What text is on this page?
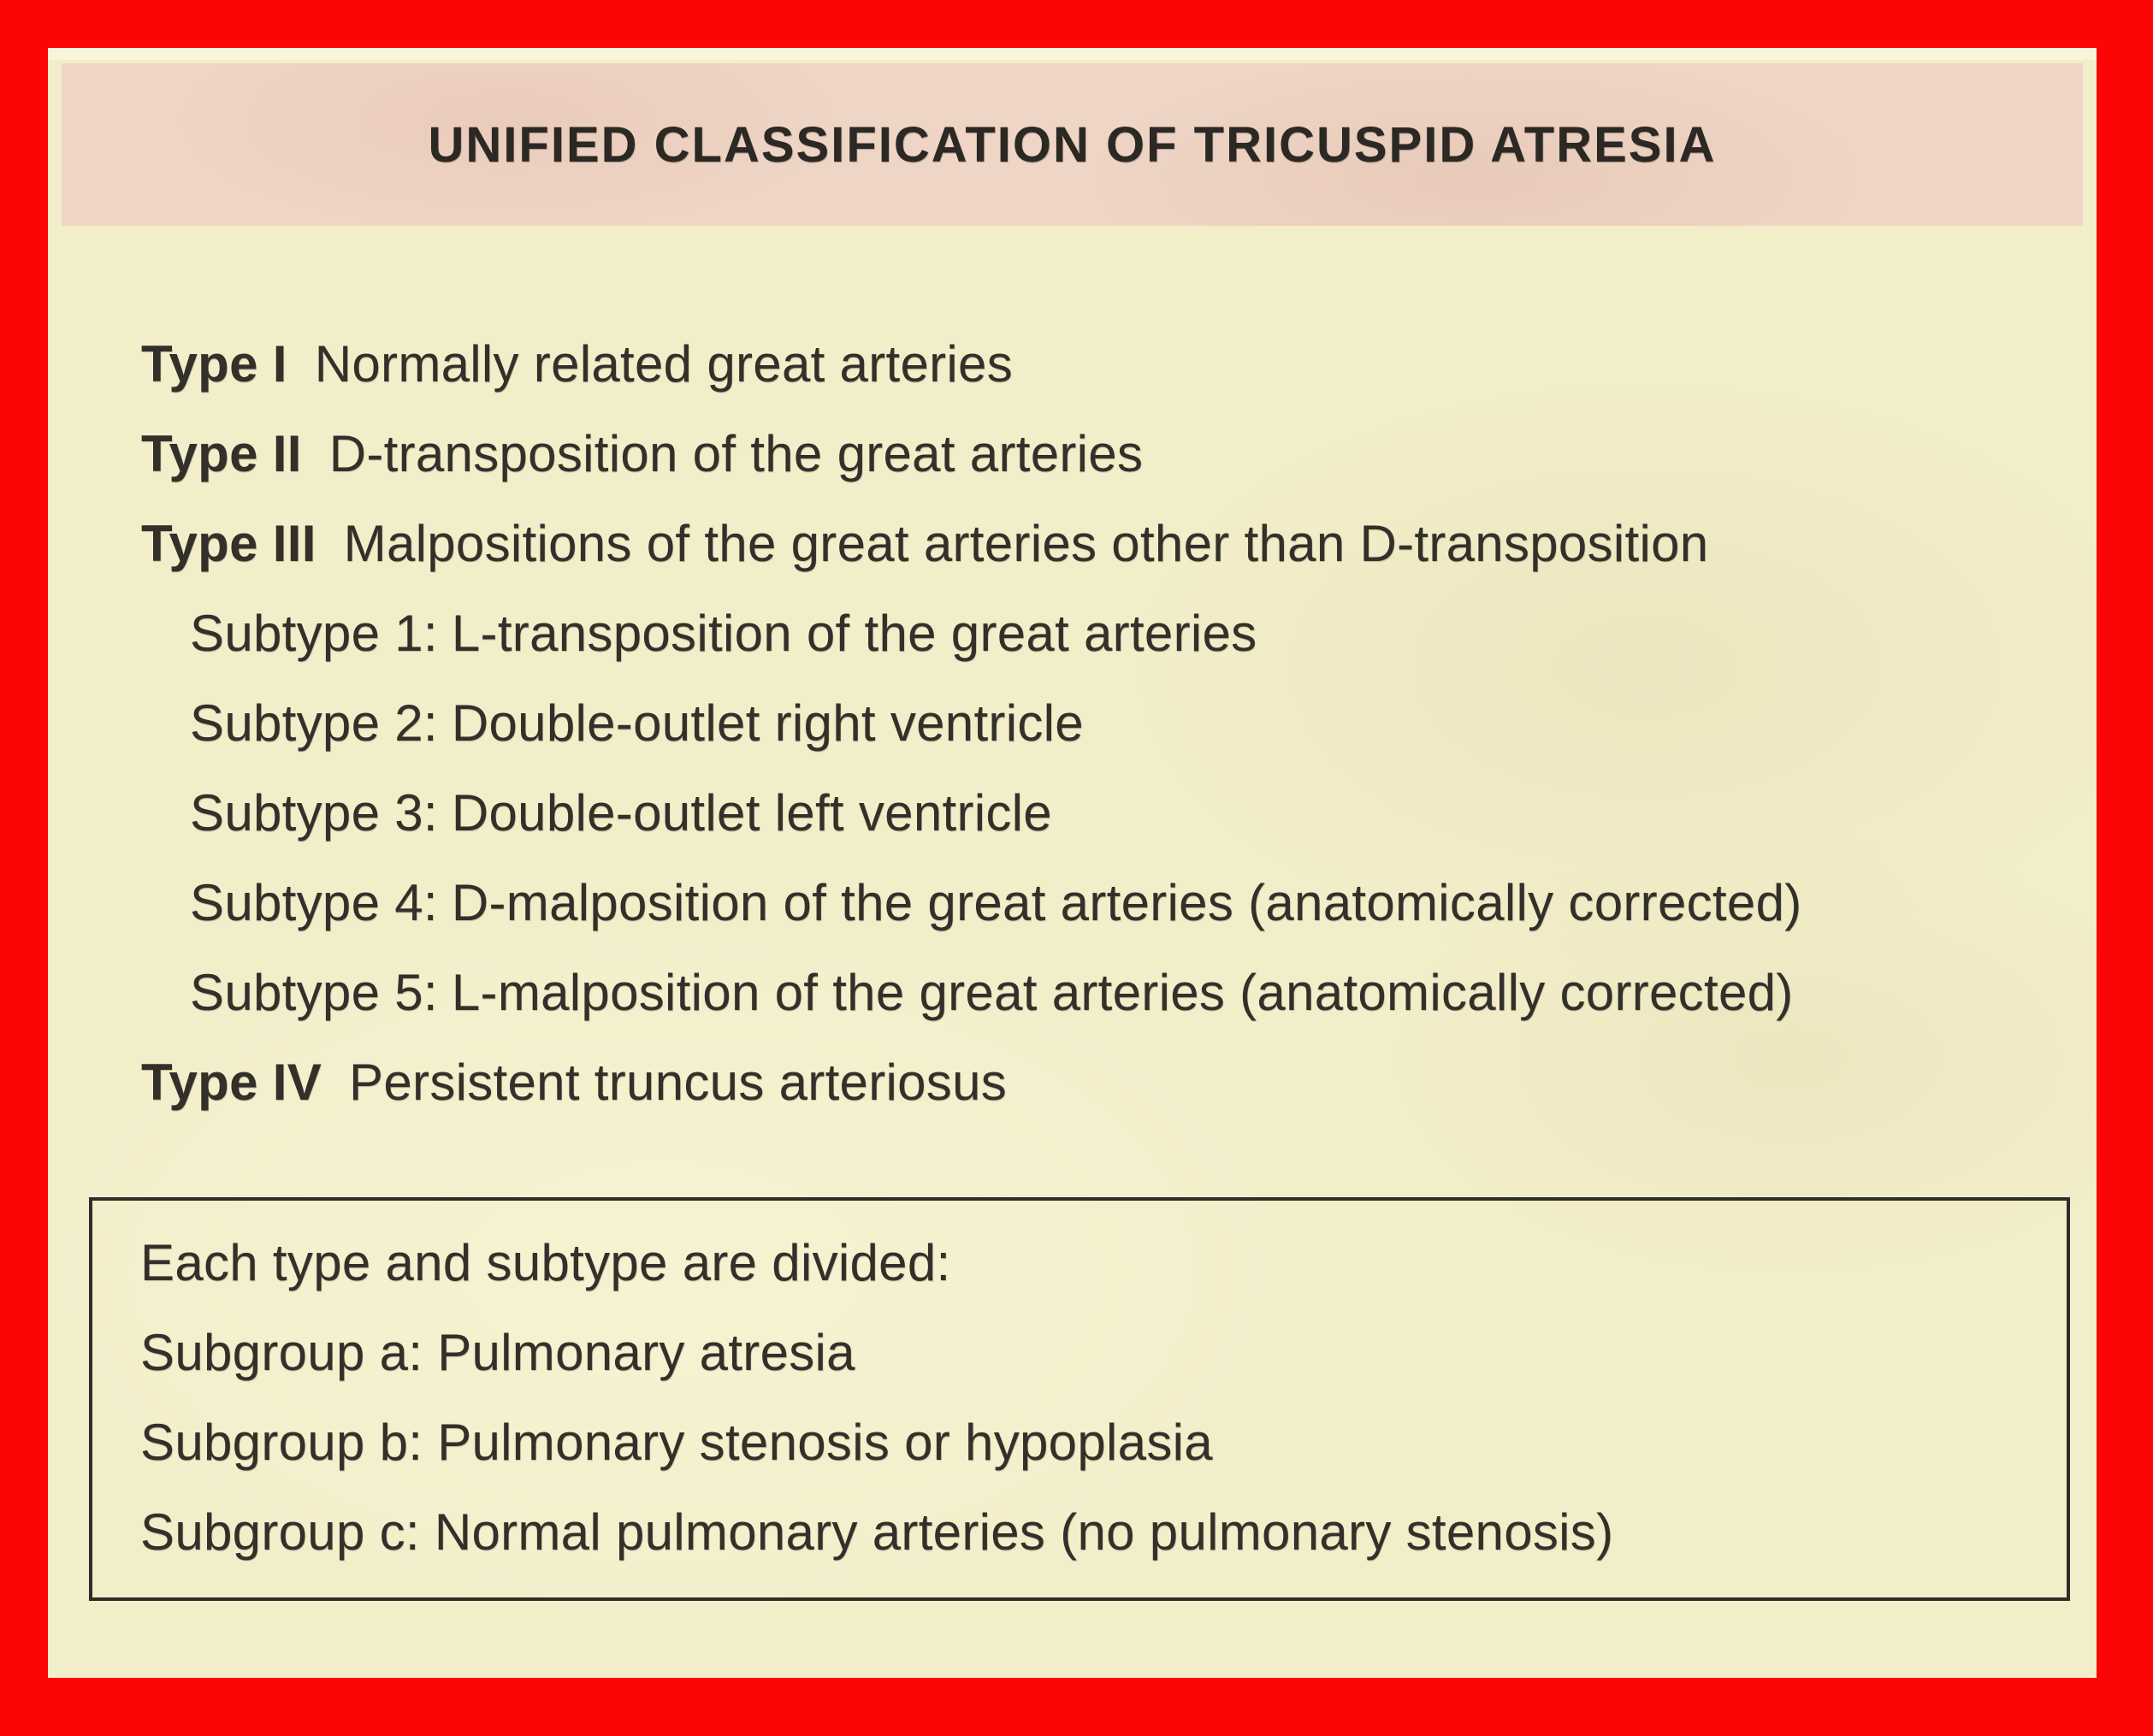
UNIFIED CLASSIFICATION OF TRICUSPID ATRESIA
Type I Normally related great arteries
Type II D-transposition of the great arteries
Type III Malpositions of the great arteries other than D-transposition
Subtype 1: L-transposition of the great arteries
Subtype 2: Double-outlet right ventricle
Subtype 3: Double-outlet left ventricle
Subtype 4: D-malposition of the great arteries (anatomically corrected)
Subtype 5: L-malposition of the great arteries (anatomically corrected)
Type IV Persistent truncus arteriosus
Each type and subtype are divided:
Subgroup a: Pulmonary atresia
Subgroup b: Pulmonary stenosis or hypoplasia
Subgroup c: Normal pulmonary arteries (no pulmonary stenosis)
